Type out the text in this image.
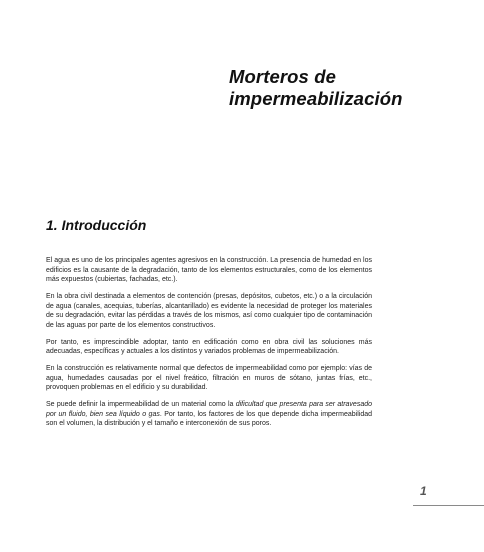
Morteros de
impermeabilización
1. Introducción

El agua es uno de los principales agentes agresivos en la construcción. La presencia de humedad en los edificios es la causante de la degradación, tanto de los elementos estructurales, como de los elementos más expuestos (cubiertas, fachadas, etc.).

En la obra civil destinada a elementos de contención (presas, depósitos, cubetos, etc.) o a la circulación de agua (canales, acequias, tuberías, alcantarillado) es evidente la necesidad de proteger los materiales de su degradación, evitar las pérdidas a través de los mismos, así como cualquier tipo de contaminación de las aguas por parte de los elementos constructivos.

Por tanto, es imprescindible adoptar, tanto en edificación como en obra civil las soluciones más adecuadas, específicas y actuales a los distintos y variados problemas de impermeabilización.

En la construcción es relativamente normal que defectos de impermeabilidad como por ejemplo: vías de agua, humedades causadas por el nivel freático, filtración en muros de sótano, juntas frías, etc., provoquen problemas en el edificio y su durabilidad.

Se puede definir la impermeabilidad de un material como la dificultad que presenta para ser atravesado por un fluido, bien sea líquido o gas. Por tanto, los factores de los que depende dicha impermeabilidad son el volumen, la distribución y el tamaño e interconexión de sus poros.

1
